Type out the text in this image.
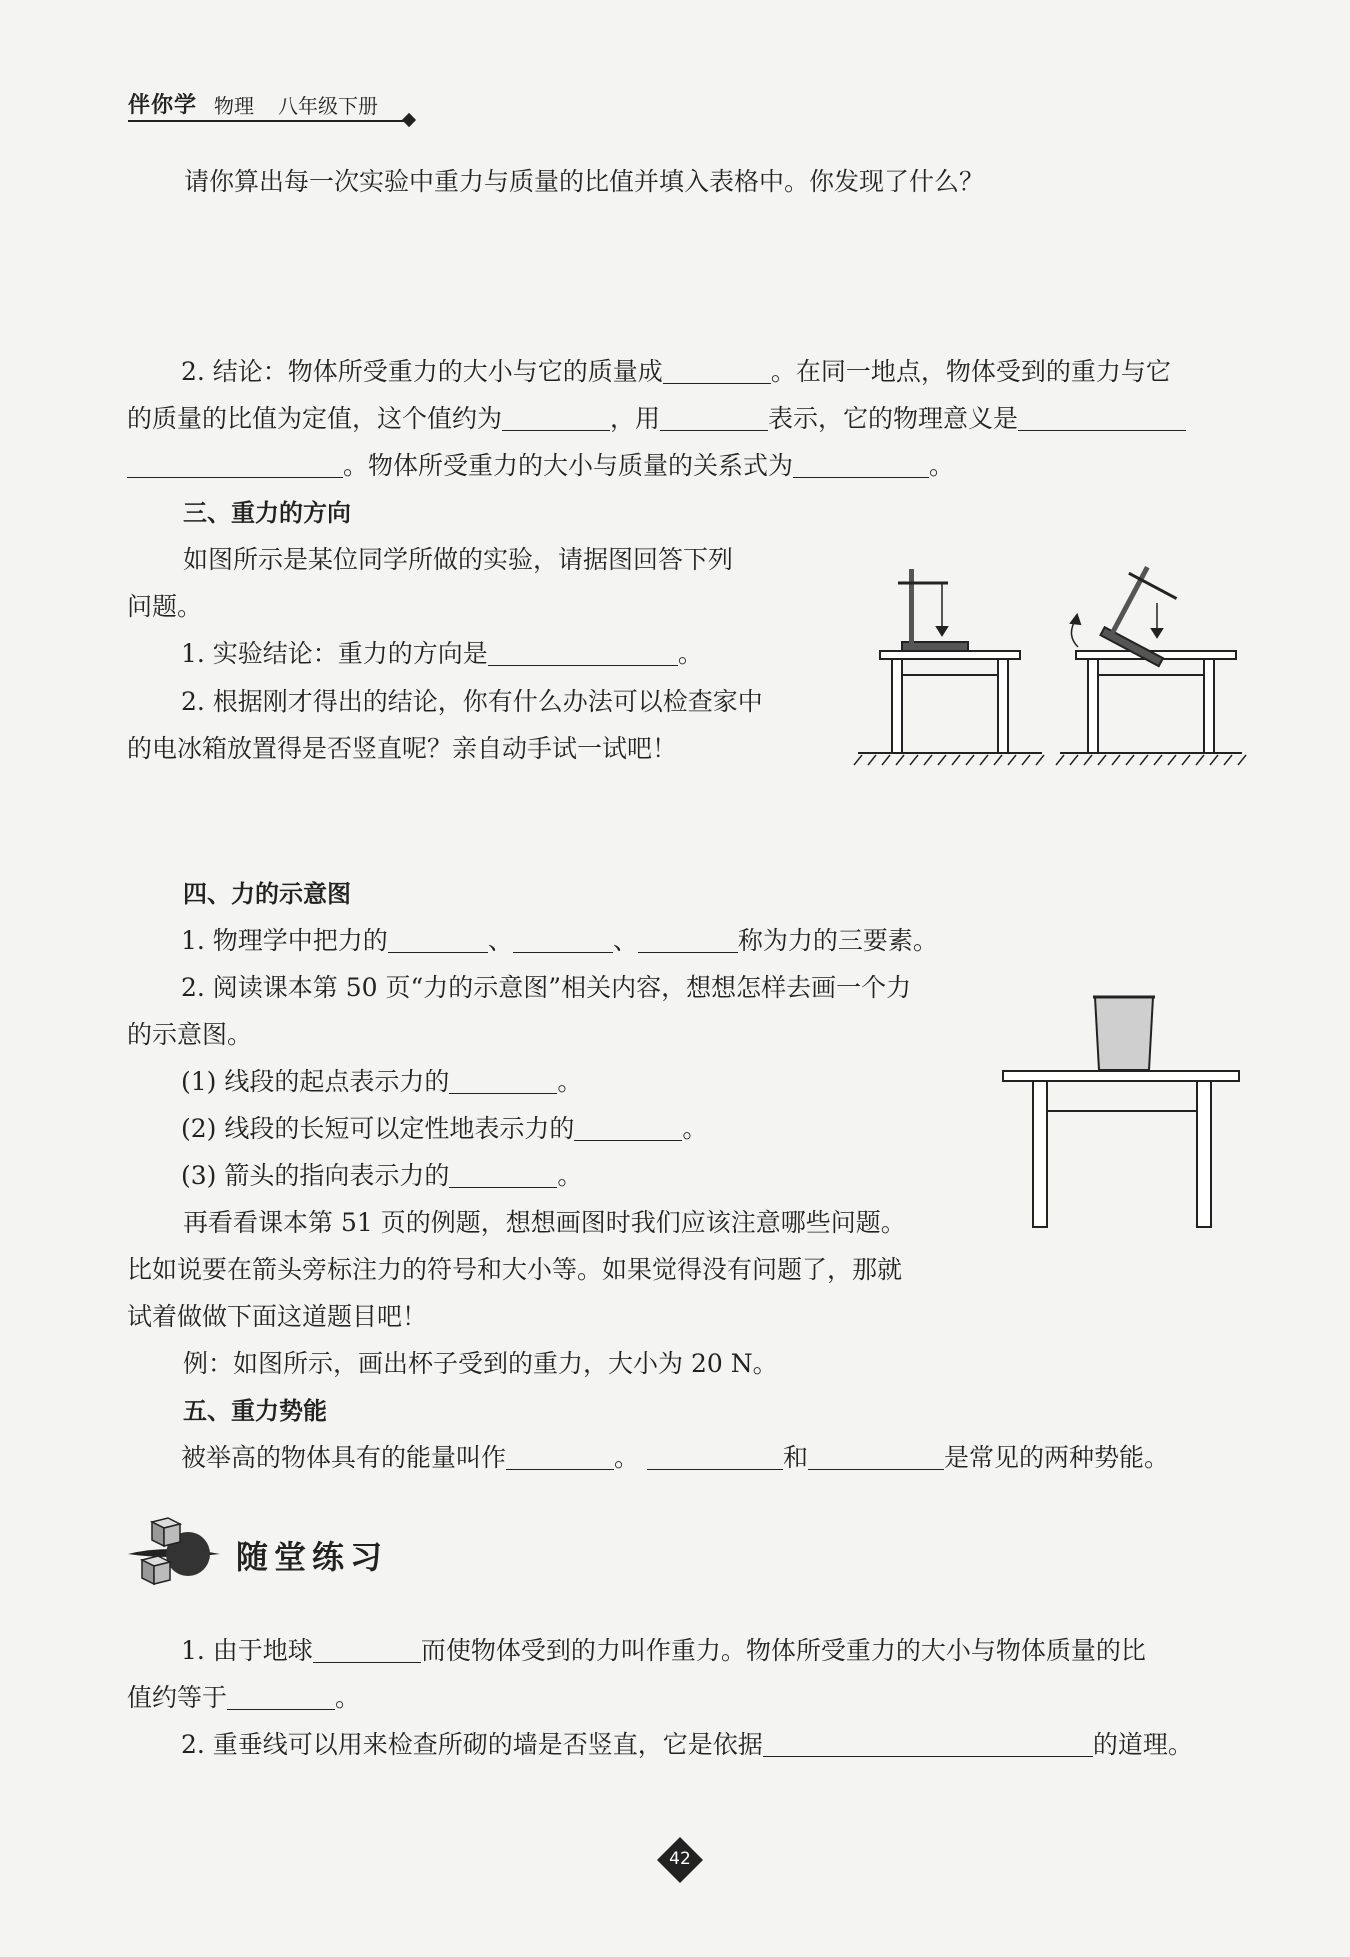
伴你学 物理 八年级下册
请你算出每一次实验中重力与质量的比值并填入表格中。你发现了什么？
2. 结论：物体所受重力的大小与它的质量成	。在同一地点，物体受到的重力与它
的质量的比值为定值，这个值约为	，用	表示，它的物理意义是
。物体所受重力的大小与质量的关系式为	。
三、重力的方向
如图所示是某位同学所做的实验，请据图回答下列
问题。
1. 实验结论：重力的方向是	。
2. 根据刚才得出的结论，你有什么办法可以检查家中
的电冰箱放置得是否竖直呢？亲自动手试一试吧！
四、力的示意图
1. 物理学中把力的	、	、	称为力的三要素。
2. 阅读课本第 50 页“力的示意图”相关内容，想想怎样去画一个力
的示意图。
(1) 线段的起点表示力的	。
(2) 线段的长短可以定性地表示力的	。
(3) 箭头的指向表示力的	。
再看看课本第 51 页的例题，想想画图时我们应该注意哪些问题。
比如说要在箭头旁标注力的符号和大小等。如果觉得没有问题了，那就
试着做做下面这道题目吧！
例：如图所示，画出杯子受到的重力，大小为 20 N。
五、重力势能
被举高的物体具有的能量叫作	。	和	是常见的两种势能。
随堂练习
1. 由于地球	而使物体受到的力叫作重力。物体所受重力的大小与物体质量的比
值约等于	。
2. 重垂线可以用来检查所砌的墙是否竖直，它是依据	的道理。
42
